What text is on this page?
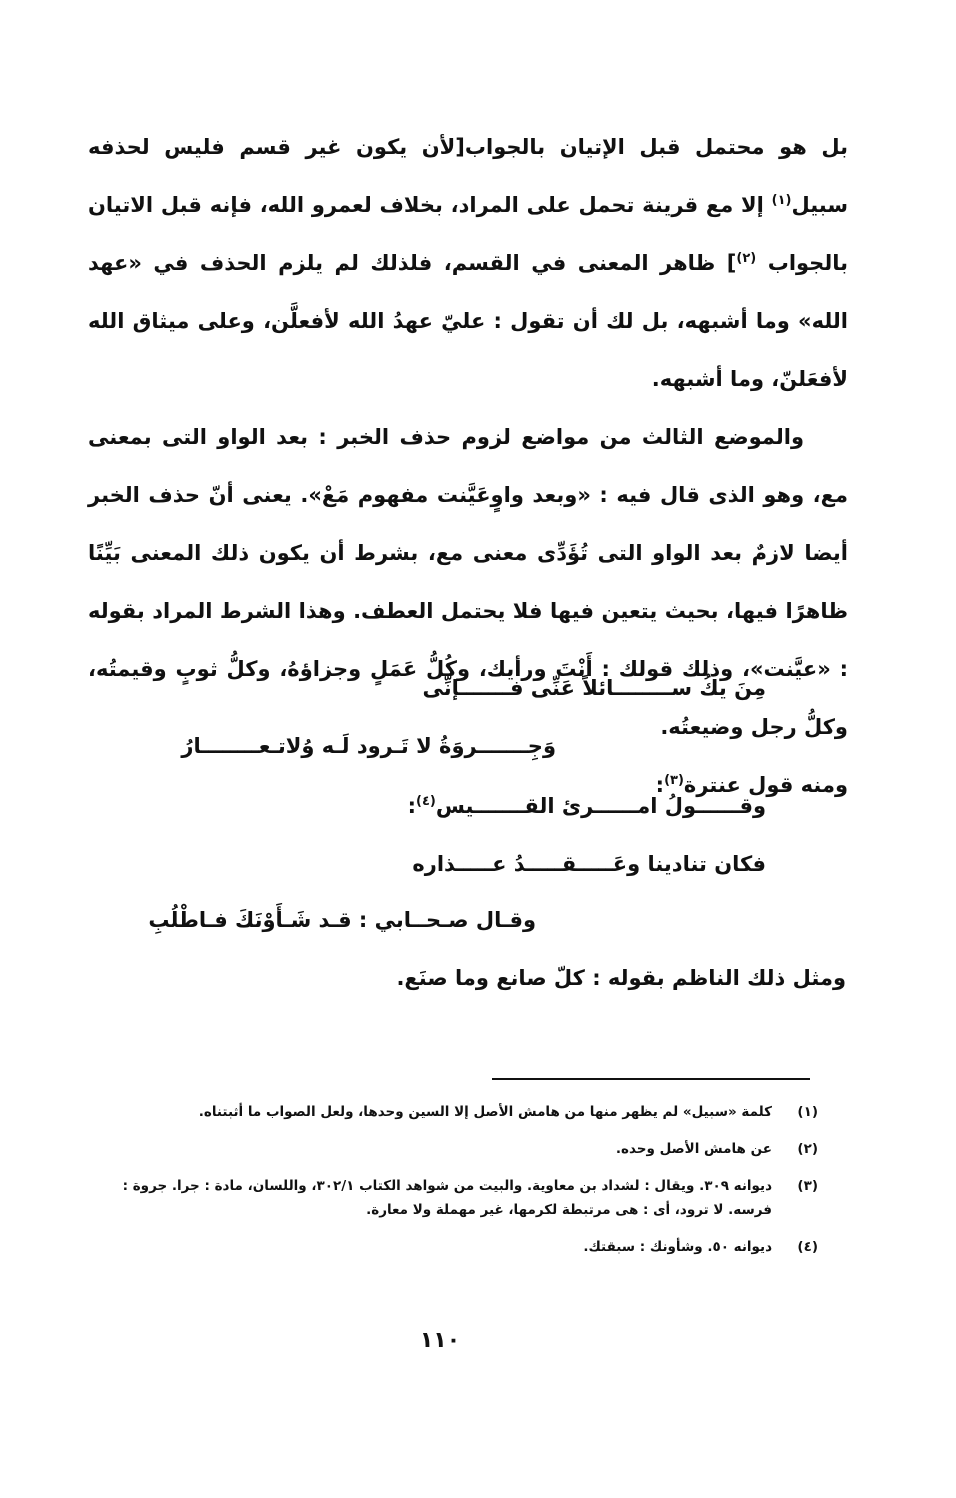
بل هو محتمل قبل الإتيان بالجواب[لأن يكون غير قسم فليس لحذفه سبيل$^{(١)}$ إلا مع قرينة تحمل على المراد، بخلاف لعمرو الله، فإنه قبل الاتيان بالجواب $^{(٢)}$] ظاهر المعنى في القسم، فلذلك لم يلزم الحذف في «عهد الله» وما أشبهه، بل لك أن تقول : عليّ عهدُ الله لأفعلَّن، وعلى ميثاق الله لأفعَلنّ، وما أشبهه.

والموضع الثالث من مواضع لزوم حذف الخبر : بعد الواو التى بمعنى مع، وهو الذى قال فيه : «وبعد واوٍعَيَّنت مفهوم مَعْ». يعنى أنّ حذف الخبر أيضا لازمٌ بعد الواو التى تُؤَدِّى معنى مع، بشرط أن يكون ذلك المعنى بَيِّنًا ظاهرًا فيها، بحيث يتعين فيها فلا يحتمل العطف. وهذا الشرط المراد بقوله : «عيَّنت»، وذلك قولك : أَنْتَ ورأيك، وكُلُّ عَمَلٍ وجزاؤهُ، وكلُّ ثوبٍ وقيمتُه، وكلُّ رجل وضيعتُه.

ومنه قول عنترة$^{(٣)}$:

مِنَ يكُ ســــــــائلاً عَنِّى فـــــــإنِّى
وَجِـــــــروَةُ لا تَـرود لَـه وُلاتـعــــــــارُ
وقــــــولُ امــــــرئ القـــــــيس$^{(٤)}$:
فكان تنادينا وعَـــــقـــــدُ عـــــذاره
وقـال صـحــابي : قـد شَـأَوْنَكَ فـاطْلُبِ
ومثل ذلك الناظم بقوله : كلّ صانع وما صنَع.
(١)
كلمة «سبيل» لم يظهر منها من هامش الأصل إلا السين وحدها، ولعل الصواب ما أثبتناه.
(٢)
عن هامش الأصل وحده.
(٣)
ديوانه ٣٠٩. ويقال : لشداد بن معاوية. والبيت من شواهد الكتاب ٣٠٢/١، واللسان، مادة : جرا. جروة : فرسه. لا ترود، أى : هى مرتبطة لكرمها، غير مهملة ولا معارة.
(٤)
ديوانه ٥٠. وشأونك : سبقتك.
١١٠
